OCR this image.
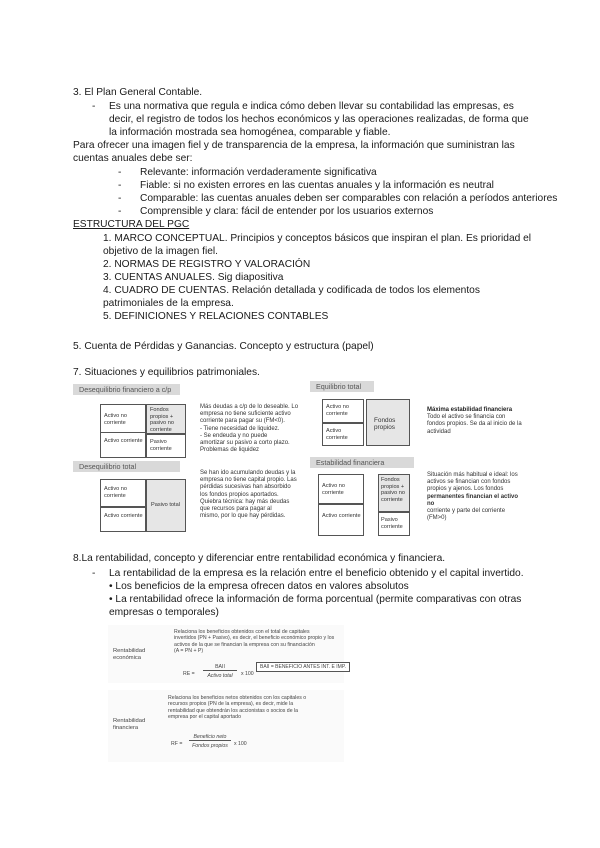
3. El Plan General Contable.
- Es una normativa que regula e indica cómo deben llevar su contabilidad las empresas, es
decir, el registro de todos los hechos económicos y las operaciones realizadas, de forma que
la información mostrada sea homogénea, comparable y fiable.
Para ofrecer una imagen fiel y de transparencia de la empresa, la información que suministran las
cuentas anuales debe ser:
- Relevante: información verdaderamente significativa
- Fiable: si no existen errores en las cuentas anuales y la información es neutral
- Comparable: las cuentas anuales deben ser comparables con relación a períodos anteriores
- Comprensible y clara: fácil de entender por los usuarios externos
ESTRUCTURA DEL PGC
1. MARCO CONCEPTUAL. Principios y conceptos básicos que inspiran el plan. Es prioridad el
objetivo de la imagen fiel.
2. NORMAS DE REGISTRO Y VALORACIÓN
3. CUENTAS ANUALES. Sig diapositiva
4. CUADRO DE CUENTAS. Relación detallada y codificada de todos los elementos
patrimoniales de la empresa.
5. DEFINICIONES Y RELACIONES CONTABLES
5. Cuenta de Pérdidas y Ganancias. Concepto y estructura (papel)
7. Situaciones y equilibrios patrimoniales.
Desequilibrio financiero a c/p
Activo no corriente
Activo corriente
Fondos propios + pasivo no corriente
Pasivo corriente
Más deudas a c/p de lo deseable. Lo
empresa no tiene suficiente activo
corriente para pagar su (FM<0).
- Tiene necesidad de liquidez.
- Se endeuda y no puede
amortizar su pasivo a corto plazo.
Problemas de liquidez
Desequilibrio total
Activo no corriente
Activo corriente
Pasivo total
Se han ido acumulando deudas y la
empresa no tiene capital propio. Las
pérdidas sucesivas han absorbido
los fondos propios aportados.
Quiebra técnica: hay más deudas
que recursos para pagar al
mismo, por lo que hay pérdidas.
Equilibrio total
Activo no corriente
Activo corriente
Fondos propios
Máxima estabilidad financiera
Todo el activo se financia con
fondos propios. Se da al inicio de la
actividad
Estabilidad financiera
Activo no corriente
Activo corriente
Fondos propios + pasivo no corriente
Pasivo corriente
Situación más habitual e ideal: los
activos se financian con fondos
propios y ajenos. Los fondos
permanentes financian el activo no
corriente y parte del corriente
(FM>0)
8.La rentabilidad, concepto y diferenciar entre rentabilidad económica y financiera.
- La rentabilidad de la empresa es la relación entre el beneficio obtenido y el capital invertido.
• Los beneficios de la empresa ofrecen datos en valores absolutos
• La rentabilidad ofrece la información de forma porcentual (permite comparativas con otras
empresas o temporales)
Rentabilidad económica
Relaciona los beneficios obtenidos con el total de capitales
invertidos (PN + Pasivo), es decir, el beneficio económico propio y los
activos de la que se financian la empresa con su financiación
(A = PN + P)
RE =
BAII
Activo total	x 100
BAII = BENEFICIO ANTES INT. E IMP.
Rentabilidad financiera
Relaciona los beneficios netos obtenidos con los capitales o
recursos propios (PN de la empresa), es decir, mide la
rentabilidad que obtendrán los accionistas o socios de la
empresa por el capital aportado
RF =
Beneficio neto
Fondos propios	x 100
